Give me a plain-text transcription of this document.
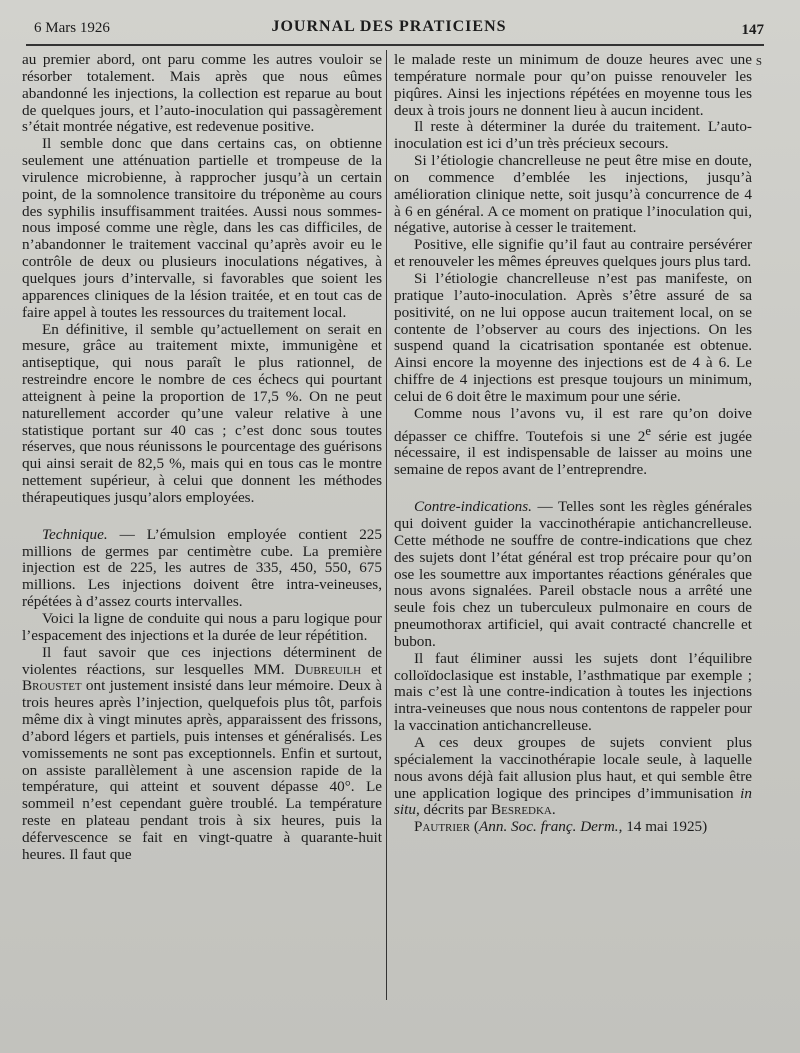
6 Mars 1926	JOURNAL DES PRATICIENS	147
S

au premier abord, ont paru comme les autres vouloir se résorber totalement. Mais après que nous eûmes abandonné les injections, la collection est reparue au bout de quelques jours, et l’auto-inoculation qui passagèrement s’était montrée négative, est redevenue positive.

Il semble donc que dans certains cas, on obtienne seulement une atténuation partielle et trompeuse de la virulence microbienne, à rapprocher jusqu’à un certain point, de la somnolence transitoire du tréponème au cours des syphilis insuffisamment traitées. Aussi nous sommes-nous imposé comme une règle, dans les cas difficiles, de n’abandonner le traitement vaccinal qu’après avoir eu le contrôle de deux ou plusieurs inoculations négatives, à quelques jours d’intervalle, si favorables que soient les apparences cliniques de la lésion traitée, et en tout cas de faire appel à toutes les ressources du traitement local.

En définitive, il semble qu’actuellement on serait en mesure, grâce au traitement mixte, immunigène et antiseptique, qui nous paraît le plus rationnel, de restreindre encore le nombre de ces échecs qui pourtant atteignent à peine la proportion de 17,5 %. On ne peut naturellement accorder qu’une valeur relative à une statistique portant sur 40 cas ; c’est donc sous toutes réserves, que nous réunissons le pourcentage des guérisons qui ainsi serait de 82,5 %, mais qui en tous cas le montre nettement supérieur, à celui que donnent les méthodes thérapeutiques jusqu’alors employées.

Technique. — L’émulsion employée contient 225 millions de germes par centimètre cube. La première injection est de 225, les autres de 335, 450, 550, 675 millions. Les injections doivent être intra-veineuses, répétées à d’assez courts intervalles.

Voici la ligne de conduite qui nous a paru logique pour l’espacement des injections et la durée de leur répétition.

Il faut savoir que ces injections déterminent de violentes réactions, sur lesquelles MM. Dubreuilh et Broustet ont justement insisté dans leur mémoire. Deux à trois heures après l’injection, quelquefois plus tôt, parfois même dix à vingt minutes après, apparaissent des frissons, d’abord légers et partiels, puis intenses et généralisés. Les vomissements ne sont pas exceptionnels. Enfin et surtout, on assiste parallèlement à une ascension rapide de la température, qui atteint et souvent dépasse 40°. Le sommeil n’est cependant guère troublé. La température reste en plateau pendant trois à six heures, puis la défervescence se fait en vingt-quatre à quarante-huit heures. Il faut que

le malade reste un minimum de douze heures avec une température normale pour qu’on puisse renouveler les piqûres. Ainsi les injections répétées en moyenne tous les deux à trois jours ne donnent lieu à aucun incident.

Il reste à déterminer la durée du traitement. L’auto-inoculation est ici d’un très précieux secours.

Si l’étiologie chancrelleuse ne peut être mise en doute, on commence d’emblée les injections, jusqu’à amélioration clinique nette, soit jusqu’à concurrence de 4 à 6 en général. A ce moment on pratique l’inoculation qui, négative, autorise à cesser le traitement.

Positive, elle signifie qu’il faut au contraire persévérer et renouveler les mêmes épreuves quelques jours plus tard.

Si l’étiologie chancrelleuse n’est pas manifeste, on pratique l’auto-inoculation. Après s’être assuré de sa positivité, on ne lui oppose aucun traitement local, on se contente de l’observer au cours des injections. On les suspend quand la cicatrisation spontanée est obtenue. Ainsi encore la moyenne des injections est de 4 à 6. Le chiffre de 4 injections est presque toujours un minimum, celui de 6 doit être le maximum pour une série.

Comme nous l’avons vu, il est rare qu’on doive dépasser ce chiffre. Toutefois si une 2e série est jugée nécessaire, il est indispensable de laisser au moins une semaine de repos avant de l’entreprendre.

Contre-indications. — Telles sont les règles générales qui doivent guider la vaccinothérapie antichancrelleuse. Cette méthode ne souffre de contre-indications que chez des sujets dont l’état général est trop précaire pour qu’on ose les soumettre aux importantes réactions générales que nous avons signalées. Pareil obstacle nous a arrêté une seule fois chez un tuberculeux pulmonaire en cours de pneumothorax artificiel, qui avait contracté chancrelle et bubon.

Il faut éliminer aussi les sujets dont l’équilibre colloïdoclasique est instable, l’asthmatique par exemple ; mais c’est là une contre-indication à toutes les injections intra-veineuses que nous nous contentons de rappeler pour la vaccination antichancrelleuse.

A ces deux groupes de sujets convient plus spécialement la vaccinothérapie locale seule, à laquelle nous avons déjà fait allusion plus haut, et qui semble être une application logique des principes d’immunisation in situ, décrits par Besredka.

Pautrier (Ann. Soc. franç. Derm., 14 mai 1925)
